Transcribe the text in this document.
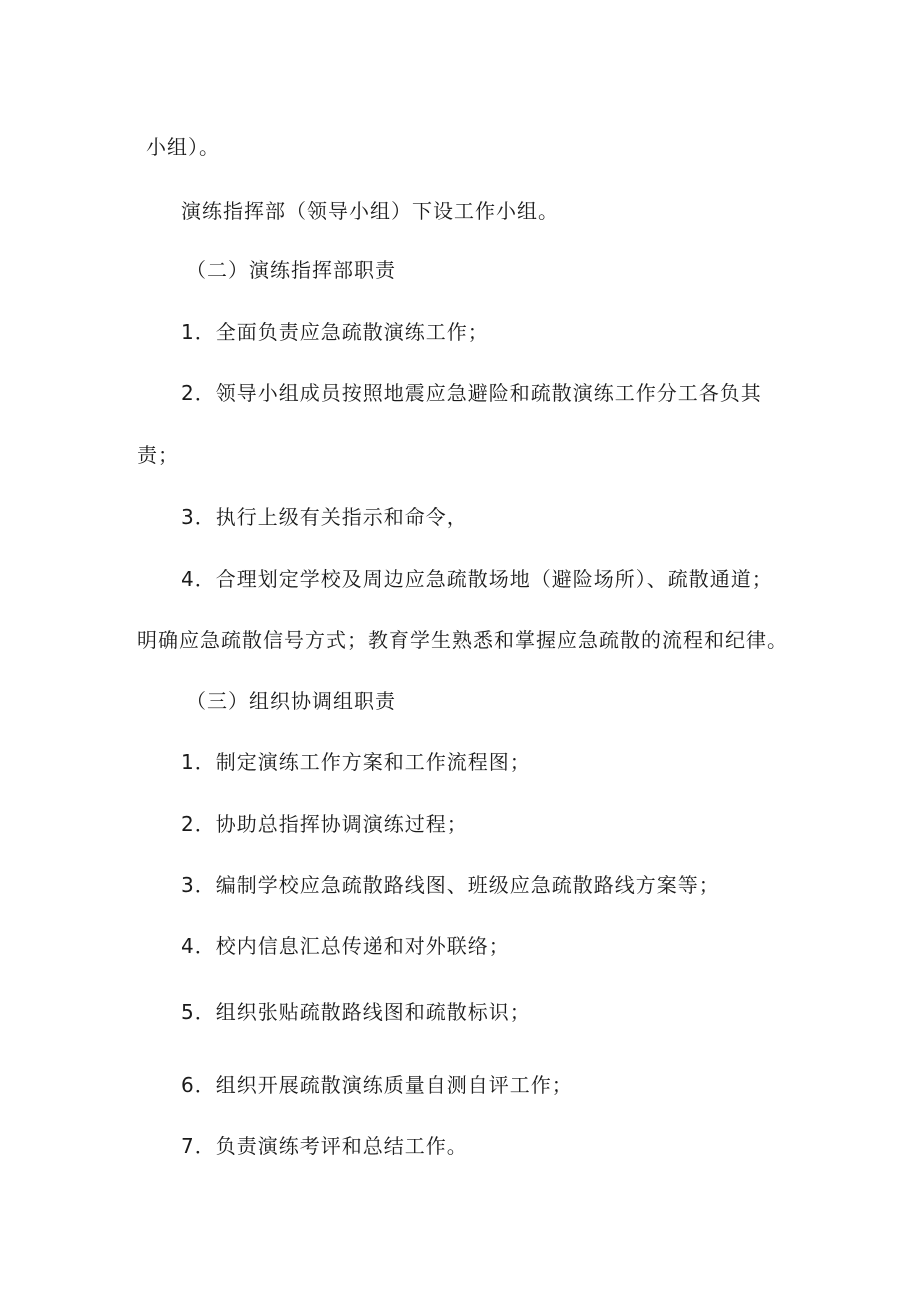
小组）。
演练指挥部（领导小组）下设工作小组。
（二）演练指挥部职责
1．全面负责应急疏散演练工作；
2．领导小组成员按照地震应急避险和疏散演练工作分工各负其
责；
3．执行上级有关指示和命令，
4．合理划定学校及周边应急疏散场地（避险场所）、疏散通道；
明确应急疏散信号方式；教育学生熟悉和掌握应急疏散的流程和纪律。
（三）组织协调组职责
1．制定演练工作方案和工作流程图；
2．协助总指挥协调演练过程；
3．编制学校应急疏散路线图、班级应急疏散路线方案等；
4．校内信息汇总传递和对外联络；
5．组织张贴疏散路线图和疏散标识；
6．组织开展疏散演练质量自测自评工作；
7．负责演练考评和总结工作。
